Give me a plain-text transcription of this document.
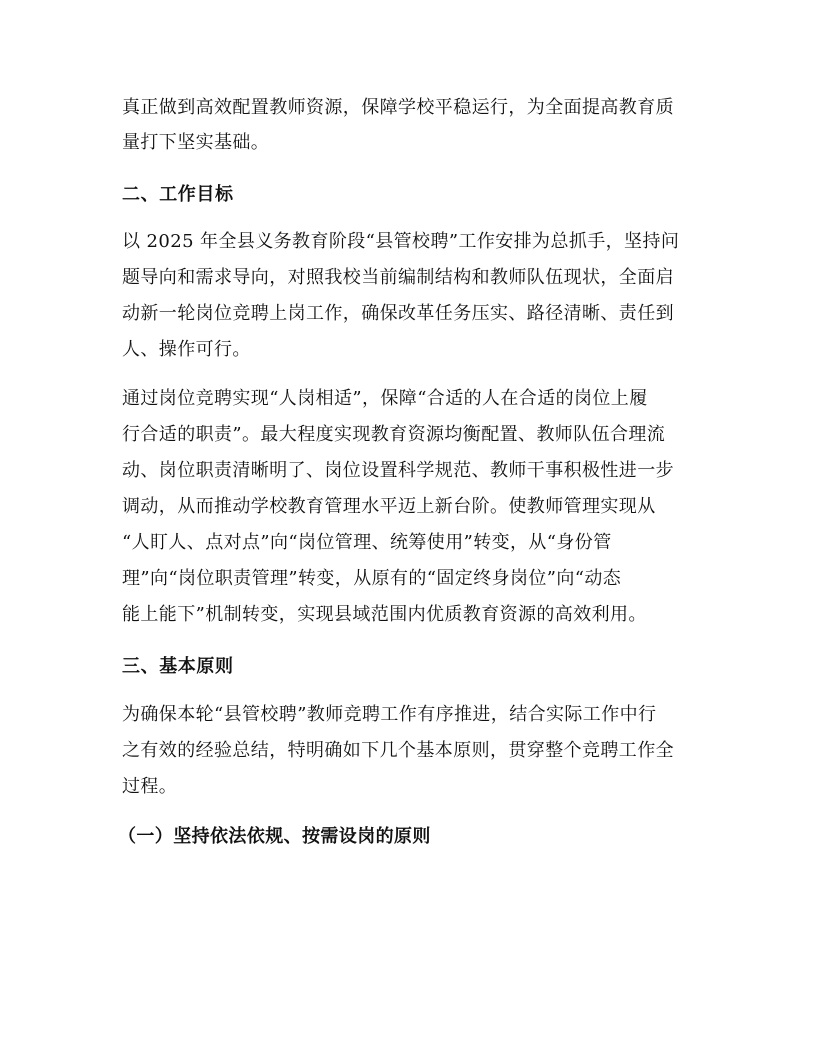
真正做到高效配置教师资源，保障学校平稳运行，为全面提高教育质
量打下坚实基础。
二、工作目标
以 2025 年全县义务教育阶段“县管校聘”工作安排为总抓手，坚持问
题导向和需求导向，对照我校当前编制结构和教师队伍现状，全面启
动新一轮岗位竞聘上岗工作，确保改革任务压实、路径清晰、责任到
人、操作可行。
通过岗位竞聘实现“人岗相适”，保障“合适的人在合适的岗位上履
行合适的职责”。最大程度实现教育资源均衡配置、教师队伍合理流
动、岗位职责清晰明了、岗位设置科学规范、教师干事积极性进一步
调动，从而推动学校教育管理水平迈上新台阶。使教师管理实现从
“人盯人、点对点”向“岗位管理、统筹使用”转变，从“身份管
理”向“岗位职责管理”转变，从原有的“固定终身岗位”向“动态
能上能下”机制转变，实现县域范围内优质教育资源的高效利用。
三、基本原则
为确保本轮“县管校聘”教师竞聘工作有序推进，结合实际工作中行
之有效的经验总结，特明确如下几个基本原则，贯穿整个竞聘工作全
过程。
（一）坚持依法依规、按需设岗的原则
